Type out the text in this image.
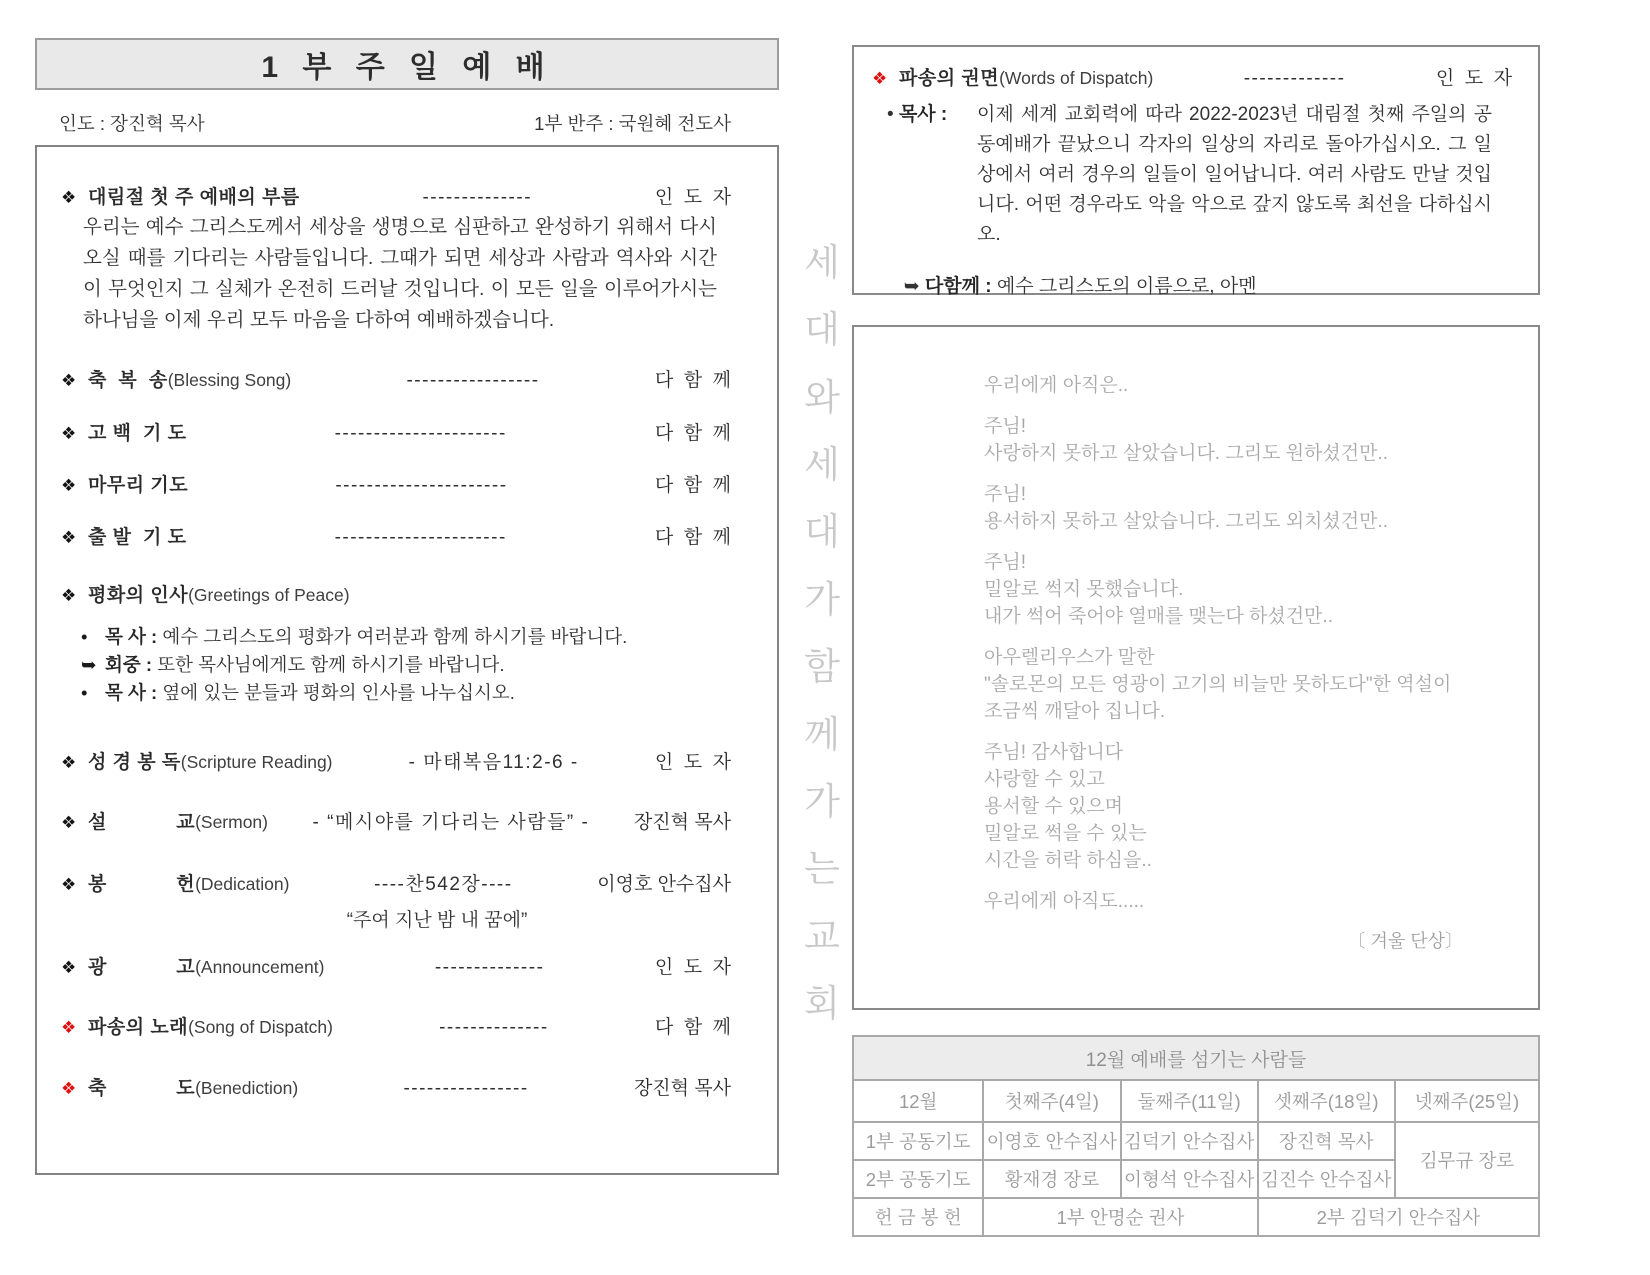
1 부 주 일 예 배
인도 : 장진혁 목사	1부 반주 : 국원혜 전도사
❖ 대림절 첫 주 예배의 부름	--------------	인  도  자
우리는 예수 그리스도께서 세상을 생명으로 심판하고 완성하기 위해서 다시 오실 때를 기다리는 사람들입니다. 그때가 되면 세상과 사람과 역사와 시간이 무엇인지 그 실체가 온전히 드러날 것입니다. 이 모든 일을 이루어가시는 하나님을 이제 우리 모두 마음을 다하여 예배하겠습니다.
❖ 축  복  송 (Blessing Song)	-----------------	다  함  께
❖ 고 백  기 도	----------------------	다  함  께
❖ 마무리 기도	----------------------	다  함  께
❖ 출 발  기 도	----------------------	다  함  께
❖ 평화의 인사 (Greetings of Peace)
• 목 사 : 예수 그리스도의 평화가 여러분과 함께 하시기를 바랍니다.
➥ 회중 : 또한 목사님에게도 함께 하시기를 바랍니다.
• 목 사 : 옆에 있는 분들과 평화의 인사를 나누십시오.
❖ 성 경 봉 독 (Scripture Reading)	- 마태복음11:2-6 -	인  도  자
❖ 설            교 (Sermon)	- “메시야를 기다리는 사람들” -	장진혁 목사
❖ 봉            헌 (Dedication)	----찬542장----	이영호 안수집사
“주여 지난 밤 내 꿈에”
❖ 광            고 (Announcement)	--------------	인  도  자
❖ 파송의 노래 (Song of Dispatch)	--------------	다  함  께
❖ 축            도 (Benediction)	----------------	장진혁 목사
세
대
와
세
대
가
함
께
가
는
교
회
❖ 파송의 권면 (Words of Dispatch)	-------------	인  도  자
• 목사 : 이제 세계 교회력에 따라 2022-2023년 대림절 첫째 주일의 공동예배가 끝났으니 각자의 일상의 자리로 돌아가십시오. 그 일상에서 여러 경우의 일들이 일어납니다. 여러 사람도 만날 것입니다. 어떤 경우라도 악을 악으로 갚지 않도록 최선을 다하십시오.

➥ 다함께 : 예수 그리스도의 이름으로, 아멘

우리에게 아직은..
주님!
사랑하지 못하고 살았습니다. 그리도 원하셨건만..
주님!
용서하지 못하고 살았습니다. 그리도 외치셨건만..
주님!
밀알로 썩지 못했습니다.
내가 썩어 죽어야 열매를 맺는다 하셨건만..
아우렐리우스가 말한
"솔로몬의 모든 영광이 고기의 비늘만 못하도다"한 역설이
조금씩 깨달아 집니다.
주님! 감사합니다
사랑할 수 있고
용서할 수 있으며
밀알로 썩을 수 있는
시간을 허락 하심을..
우리에게 아직도.....
〔 겨울 단상〕
12월 예배를 섬기는 사람들				
12월	첫째주(4일)	둘째주(11일)	셋째주(18일)	넷째주(25일)
1부 공동기도	이영호 안수집사	김덕기 안수집사	장진혁 목사	김무규 장로
2부 공동기도	황재경 장로	이형석 안수집사	김진수 안수집사	
헌 금 봉 헌	1부 안명순 권사		2부 김덕기 안수집사	
